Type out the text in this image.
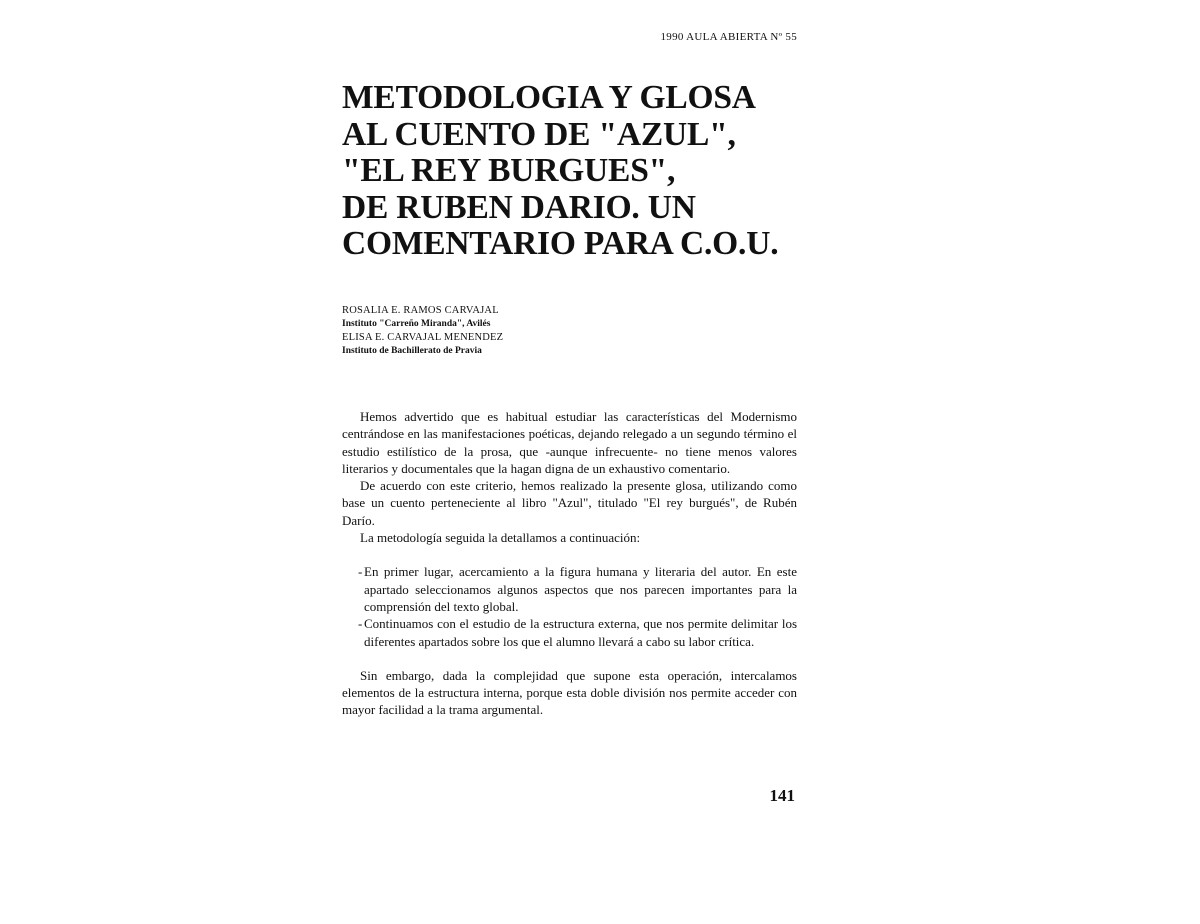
1990 AULA ABIERTA Nº 55
METODOLOGIA Y GLOSA
AL CUENTO DE "AZUL",
"EL REY BURGUES",
DE RUBEN DARIO. UN
COMENTARIO PARA C.O.U.
ROSALIA E. RAMOS CARVAJAL
Instituto "Carreño Miranda", Avilés
ELISA E. CARVAJAL MENENDEZ
Instituto de Bachillerato de Pravia

Hemos advertido que es habitual estudiar las características del Modernismo centrándose en las manifestaciones poéticas, dejando relegado a un segundo término el estudio estilístico de la prosa, que -aunque infrecuente- no tiene menos valores literarios y documentales que la hagan digna de un exhaustivo comentario.

De acuerdo con este criterio, hemos realizado la presente glosa, utilizando como base un cuento perteneciente al libro "Azul", titulado "El rey burgués", de Rubén Darío.

La metodología seguida la detallamos a continuación:

- En primer lugar, acercamiento a la figura humana y literaria del autor. En este apartado seleccionamos algunos aspectos que nos parecen importantes para la comprensión del texto global.
- Continuamos con el estudio de la estructura externa, que nos permite delimitar los diferentes apartados sobre los que el alumno llevará a cabo su labor crítica.

Sin embargo, dada la complejidad que supone esta operación, intercalamos elementos de la estructura interna, porque esta doble división nos permite acceder con mayor facilidad a la trama argumental.

141
